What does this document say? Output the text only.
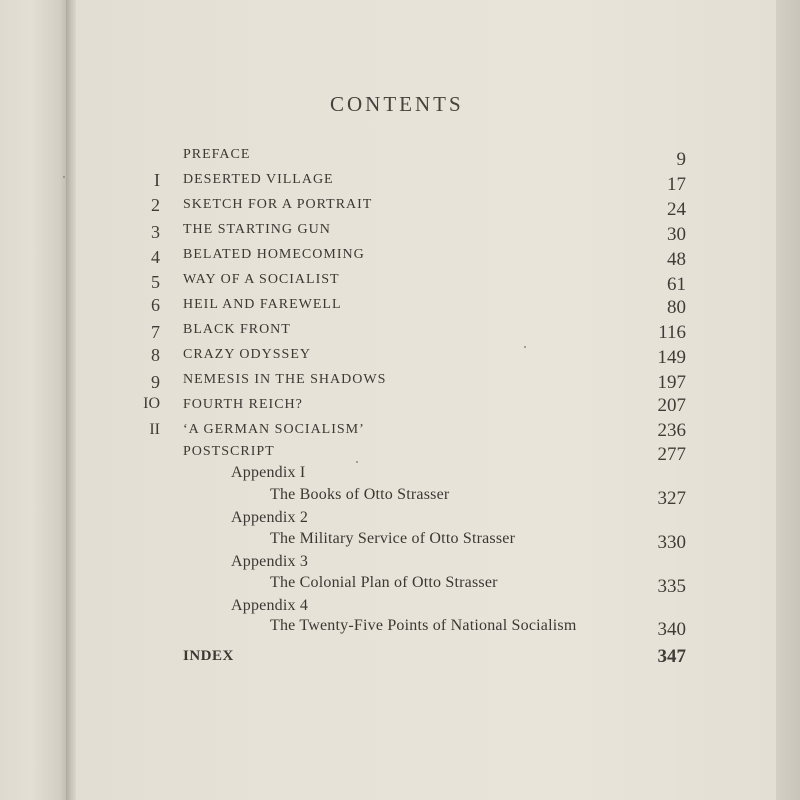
CONTENTS
PREFACE	9
I DESERTED VILLAGE	17
2 SKETCH FOR A PORTRAIT	24
3 THE STARTING GUN	30
4 BELATED HOMECOMING	48
5 WAY OF A SOCIALIST	61
6 HEIL AND FAREWELL	80
7 BLACK FRONT	116
8 CRAZY ODYSSEY	149
9 NEMESIS IN THE SHADOWS	197
IO FOURTH REICH?	207
II ‘A GERMAN SOCIALISM’	236
POSTSCRIPT	277
Appendix I
The Books of Otto Strasser	327
Appendix 2
The Military Service of Otto Strasser	330
Appendix 3
The Colonial Plan of Otto Strasser	335
Appendix 4
The Twenty-Five Points of National Socialism	340
INDEX	347
